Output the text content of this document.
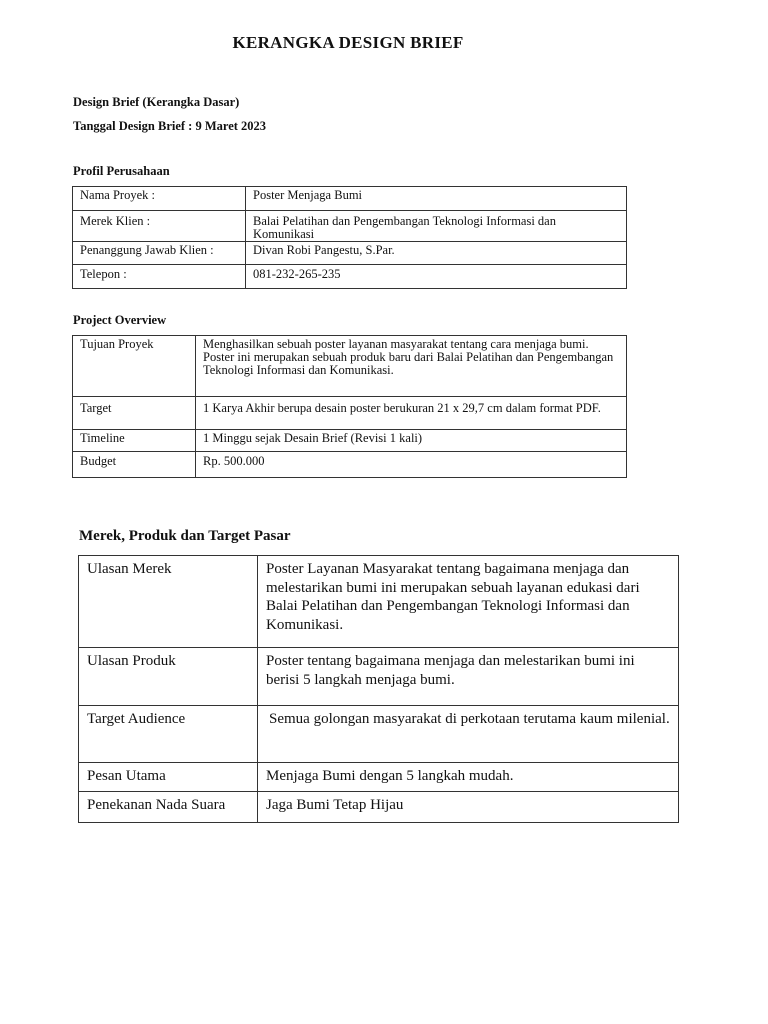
KERANGKA DESIGN BRIEF
Design Brief (Kerangka Dasar)
Tanggal Design Brief : 9 Maret 2023
Profil Perusahaan
Nama Proyek :	Poster Menjaga Bumi
Merek Klien :	Balai Pelatihan dan Pengembangan Teknologi Informasi dan Komunikasi
Penanggung Jawab Klien :	Divan Robi Pangestu, S.Par.
Telepon :	081-232-265-235
Project Overview
Tujuan Proyek	Menghasilkan sebuah poster layanan masyarakat tentang cara menjaga bumi. Poster ini merupakan sebuah produk baru dari Balai Pelatihan dan Pengembangan Teknologi Informasi dan Komunikasi.
Target	1 Karya Akhir berupa desain poster berukuran 21 x 29,7 cm dalam format PDF.
Timeline	1 Minggu sejak Desain Brief (Revisi 1 kali)
Budget	Rp. 500.000
Merek, Produk dan Target Pasar
Ulasan Merek	Poster Layanan Masyarakat tentang bagaimana menjaga dan melestarikan bumi ini merupakan sebuah layanan edukasi dari Balai Pelatihan dan Pengembangan Teknologi Informasi dan Komunikasi.
Ulasan Produk	Poster tentang bagaimana menjaga dan melestarikan bumi ini berisi 5 langkah menjaga bumi.
Target Audience	Semua golongan masyarakat di perkotaan terutama kaum milenial.
Pesan Utama	Menjaga Bumi dengan 5 langkah mudah.
Penekanan Nada Suara	Jaga Bumi Tetap Hijau
